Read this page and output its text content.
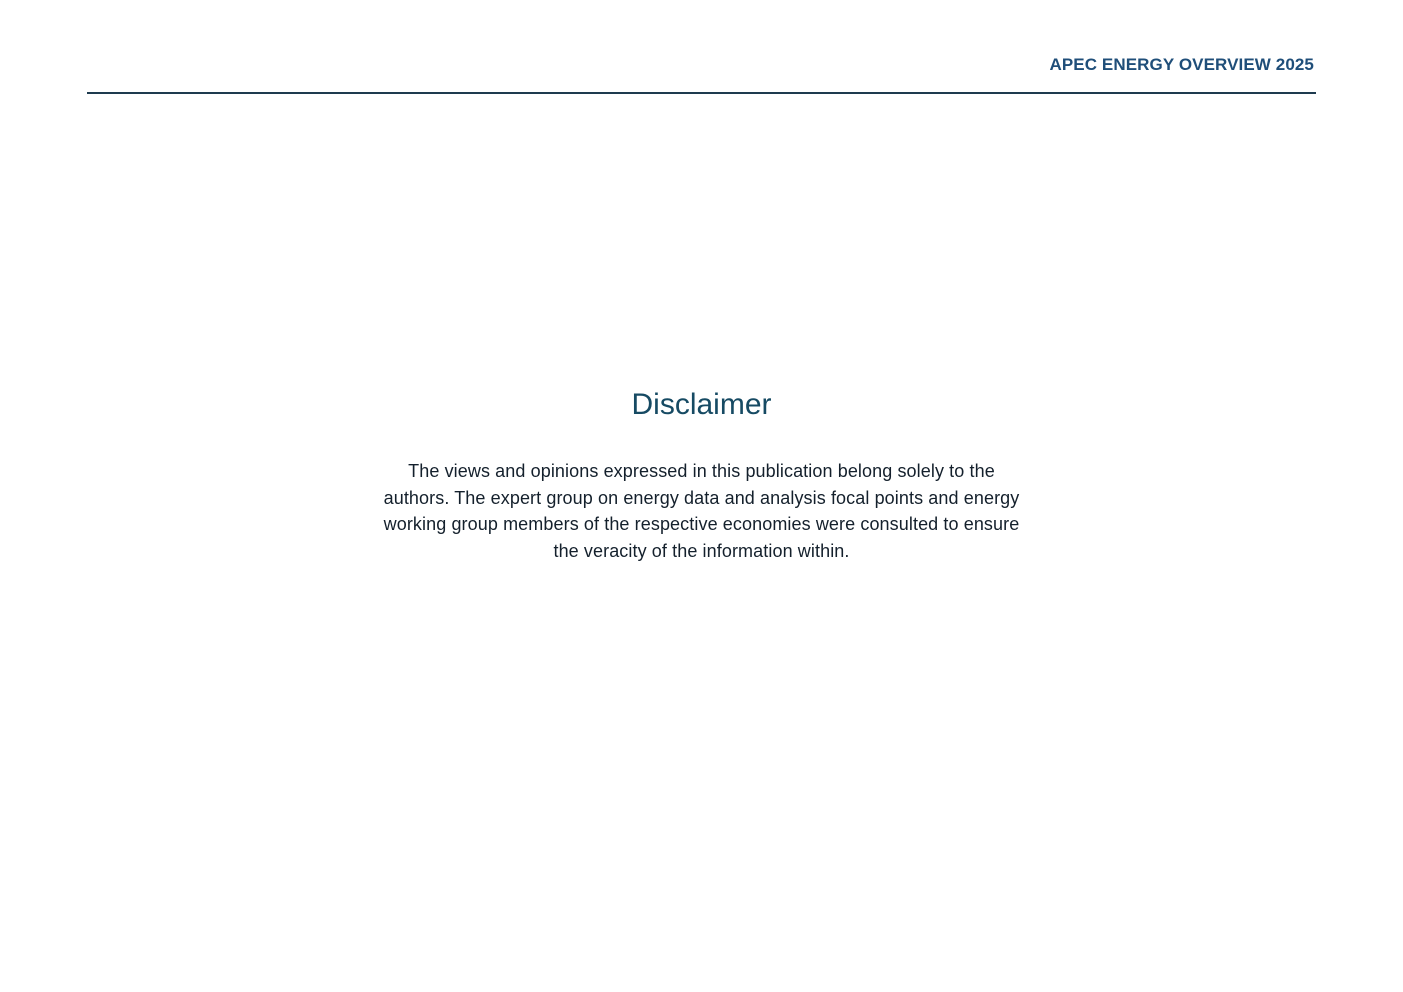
APEC ENERGY OVERVIEW 2025
Disclaimer

The views and opinions expressed in this publication belong solely to the authors. The expert group on energy data and analysis focal points and energy working group members of the respective economies were consulted to ensure the veracity of the information within.
